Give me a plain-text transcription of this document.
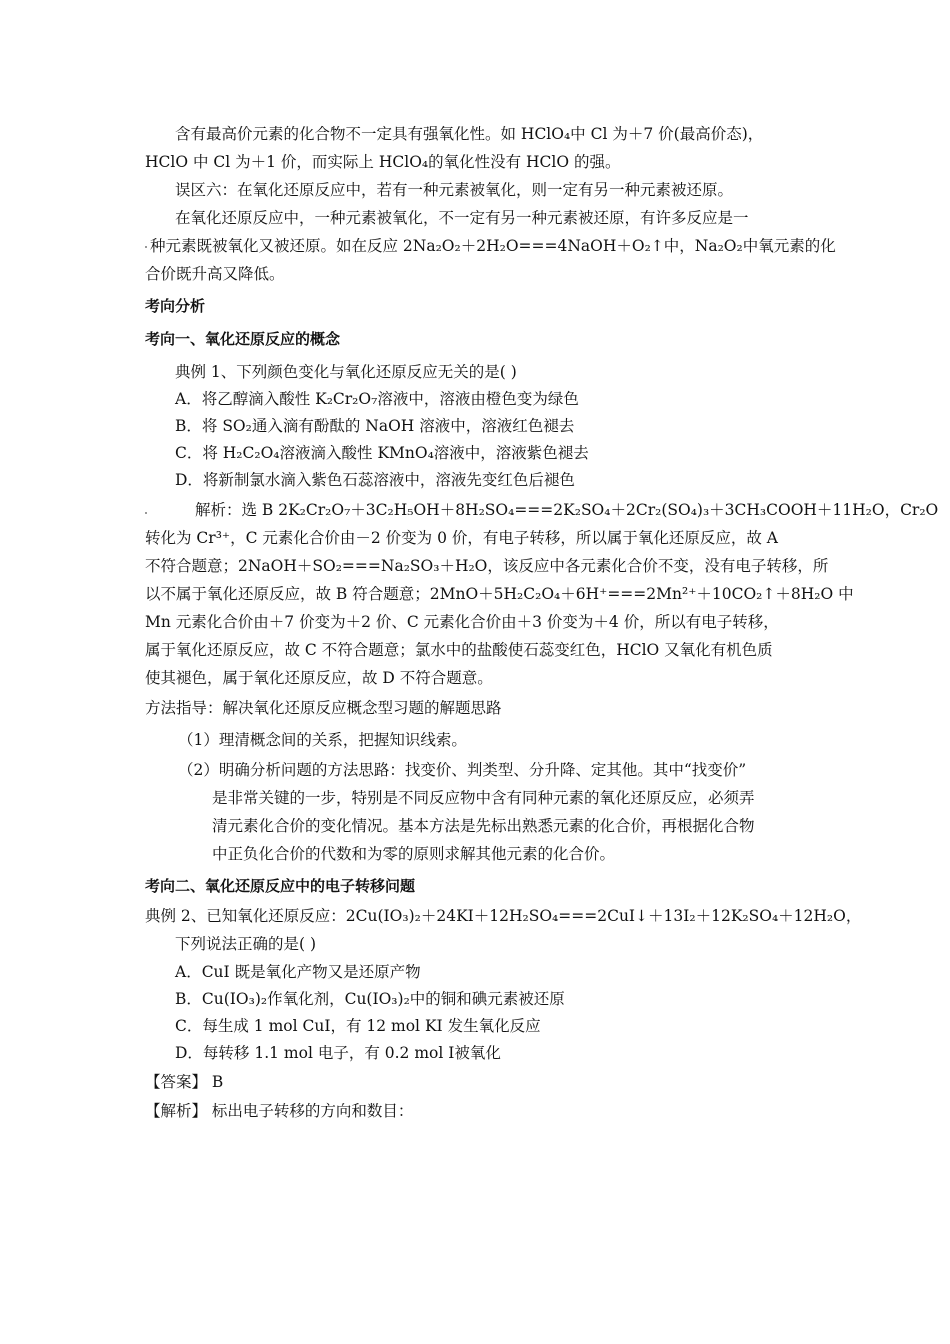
含有最高价元素的化合物不一定具有强氧化性。如 HClO₄中 Cl 为＋7 价(最高价态)，
HClO 中 Cl 为＋1 价，而实际上 HClO₄的氧化性没有 HClO 的强。
误区六：在氧化还原反应中，若有一种元素被氧化，则一定有另一种元素被还原。
在氧化还原反应中，一种元素被氧化，不一定有另一种元素被还原，有许多反应是一
种元素既被氧化又被还原。如在反应 2Na₂O₂＋2H₂O===4NaOH＋O₂↑中，Na₂O₂中氧元素的化
合价既升高又降低。
考向分析
考向一、氧化还原反应的概念
典例 1、下列颜色变化与氧化还原反应无关的是( )
A．将乙醇滴入酸性 K₂Cr₂O₇溶液中，溶液由橙色变为绿色
B．将 SO₂通入滴有酚酞的 NaOH 溶液中，溶液红色褪去
C．将 H₂C₂O₄溶液滴入酸性 KMnO₄溶液中，溶液紫色褪去
D．将新制氯水滴入紫色石蕊溶液中，溶液先变红色后褪色
解析：选 B 2K₂Cr₂O₇＋3C₂H₅OH＋8H₂SO₄===2K₂SO₄＋2Cr₂(SO₄)₃＋3CH₃COOH＋11H₂O，Cr₂O
转化为 Cr³⁺，C 元素化合价由－2 价变为 0 价，有电子转移，所以属于氧化还原反应，故 A
不符合题意；2NaOH＋SO₂===Na₂SO₃＋H₂O，该反应中各元素化合价不变，没有电子转移，所
以不属于氧化还原反应，故 B 符合题意；2MnO＋5H₂C₂O₄＋6H⁺===2Mn²⁺＋10CO₂↑＋8H₂O 中
Mn 元素化合价由＋7 价变为＋2 价、C 元素化合价由＋3 价变为＋4 价，所以有电子转移，
属于氧化还原反应，故 C 不符合题意；氯水中的盐酸使石蕊变红色，HClO 又氧化有机色质
使其褪色，属于氧化还原反应，故 D 不符合题意。
方法指导：解决氧化还原反应概念型习题的解题思路
（1）理清概念间的关系，把握知识线索。
（2）明确分析问题的方法思路：找变价、判类型、分升降、定其他。其中“找变价”
是非常关键的一步，特别是不同反应物中含有同种元素的氧化还原反应，必须弄
清元素化合价的变化情况。基本方法是先标出熟悉元素的化合价，再根据化合物
中正负化合价的代数和为零的原则求解其他元素的化合价。
考向二、氧化还原反应中的电子转移问题
典例 2、已知氧化还原反应：2Cu(IO₃)₂＋24KI＋12H₂SO₄===2CuI↓＋13I₂＋12K₂SO₄＋12H₂O，
下列说法正确的是( )
A．CuI 既是氧化产物又是还原产物
B．Cu(IO₃)₂作氧化剂，Cu(IO₃)₂中的铜和碘元素被还原
C．每生成 1 mol CuI，有 12 mol KI 发生氧化反应
D．每转移 1.1 mol 电子，有 0.2 mol I被氧化
【答案】 B
【解析】 标出电子转移的方向和数目：
